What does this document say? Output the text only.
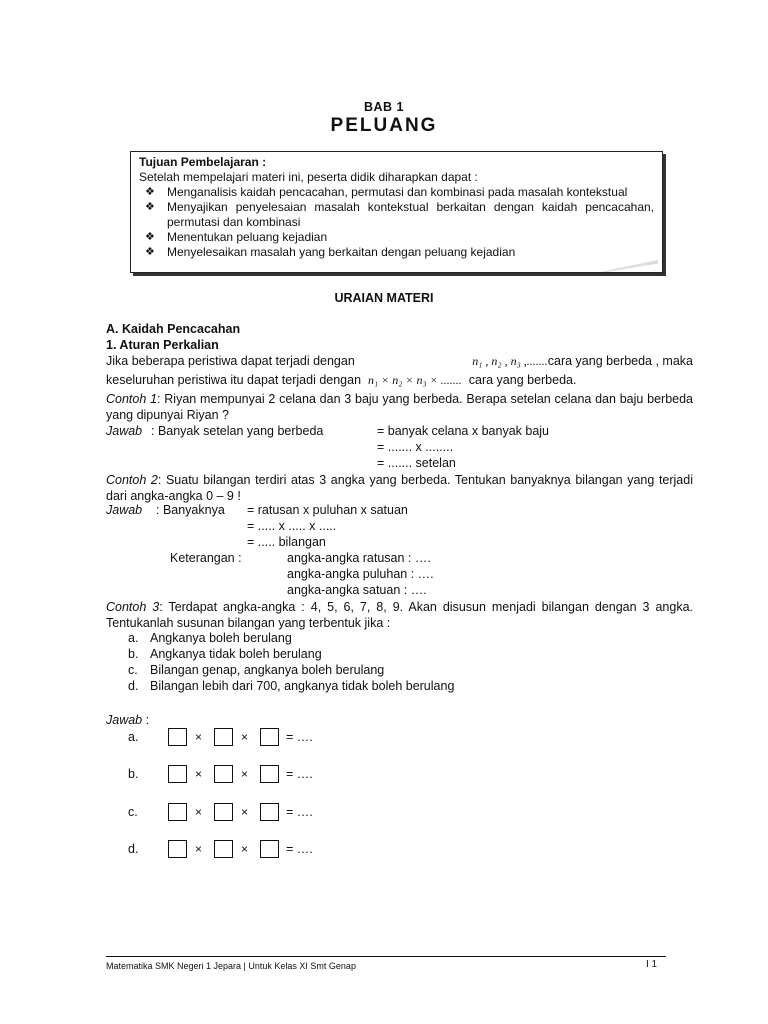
BAB 1
PELUANG
Tujuan Pembelajaran :
Setelah mempelajari materi ini, peserta didik diharapkan dapat :
❖ Menganalisis kaidah pencacahan, permutasi dan kombinasi pada masalah kontekstual
❖ Menyajikan penyelesaian masalah kontekstual berkaitan dengan kaidah pencacahan, permutasi dan kombinasi
❖ Menentukan peluang kejadian
❖ Menyelesaikan masalah yang berkaitan dengan peluang kejadian
URAIAN MATERI
A. Kaidah Pencacahan
1. Aturan Perkalian
Jika beberapa peristiwa dapat terjadi dengan	n₁ , n₂ , n₃ ,.......cara yang berbeda , maka
keseluruhan peristiwa itu dapat terjadi dengan n₁ × n₂ × n₃ × ....... cara yang berbeda.
Contoh 1: Riyan mempunyai 2 celana dan 3 baju yang berbeda. Berapa setelan celana dan baju berbeda yang dipunyai Riyan ?
Jawab : Banyak setelan yang berbeda	= banyak celana x banyak baju
= ....... x ........
= ....... setelan
Contoh 2: Suatu bilangan terdiri atas 3 angka yang berbeda. Tentukan banyaknya bilangan yang terjadi dari angka-angka 0 – 9 !
Jawab : Banyaknya = ratusan x puluhan x satuan
= ..... x ..... x .....
= ..... bilangan
Keterangan :	angka-angka ratusan : ….
angka-angka puluhan : ….
angka-angka satuan : ….
Contoh 3: Terdapat angka-angka : 4, 5, 6, 7, 8, 9. Akan disusun menjadi bilangan dengan 3 angka. Tentukanlah susunan bilangan yang terbentuk jika :
a. Angkanya boleh berulang
b. Angkanya tidak boleh berulang
c. Bilangan genap, angkanya boleh berulang
d. Bilangan lebih dari 700, angkanya tidak boleh berulang
Jawab :
a.	×	×	= ….
b.	×	×	= ….
c.	×	×	= ….
d.	×	×	= ….
Matematika SMK Negeri 1 Jepara | Untuk Kelas XI Smt Genap	I 1
